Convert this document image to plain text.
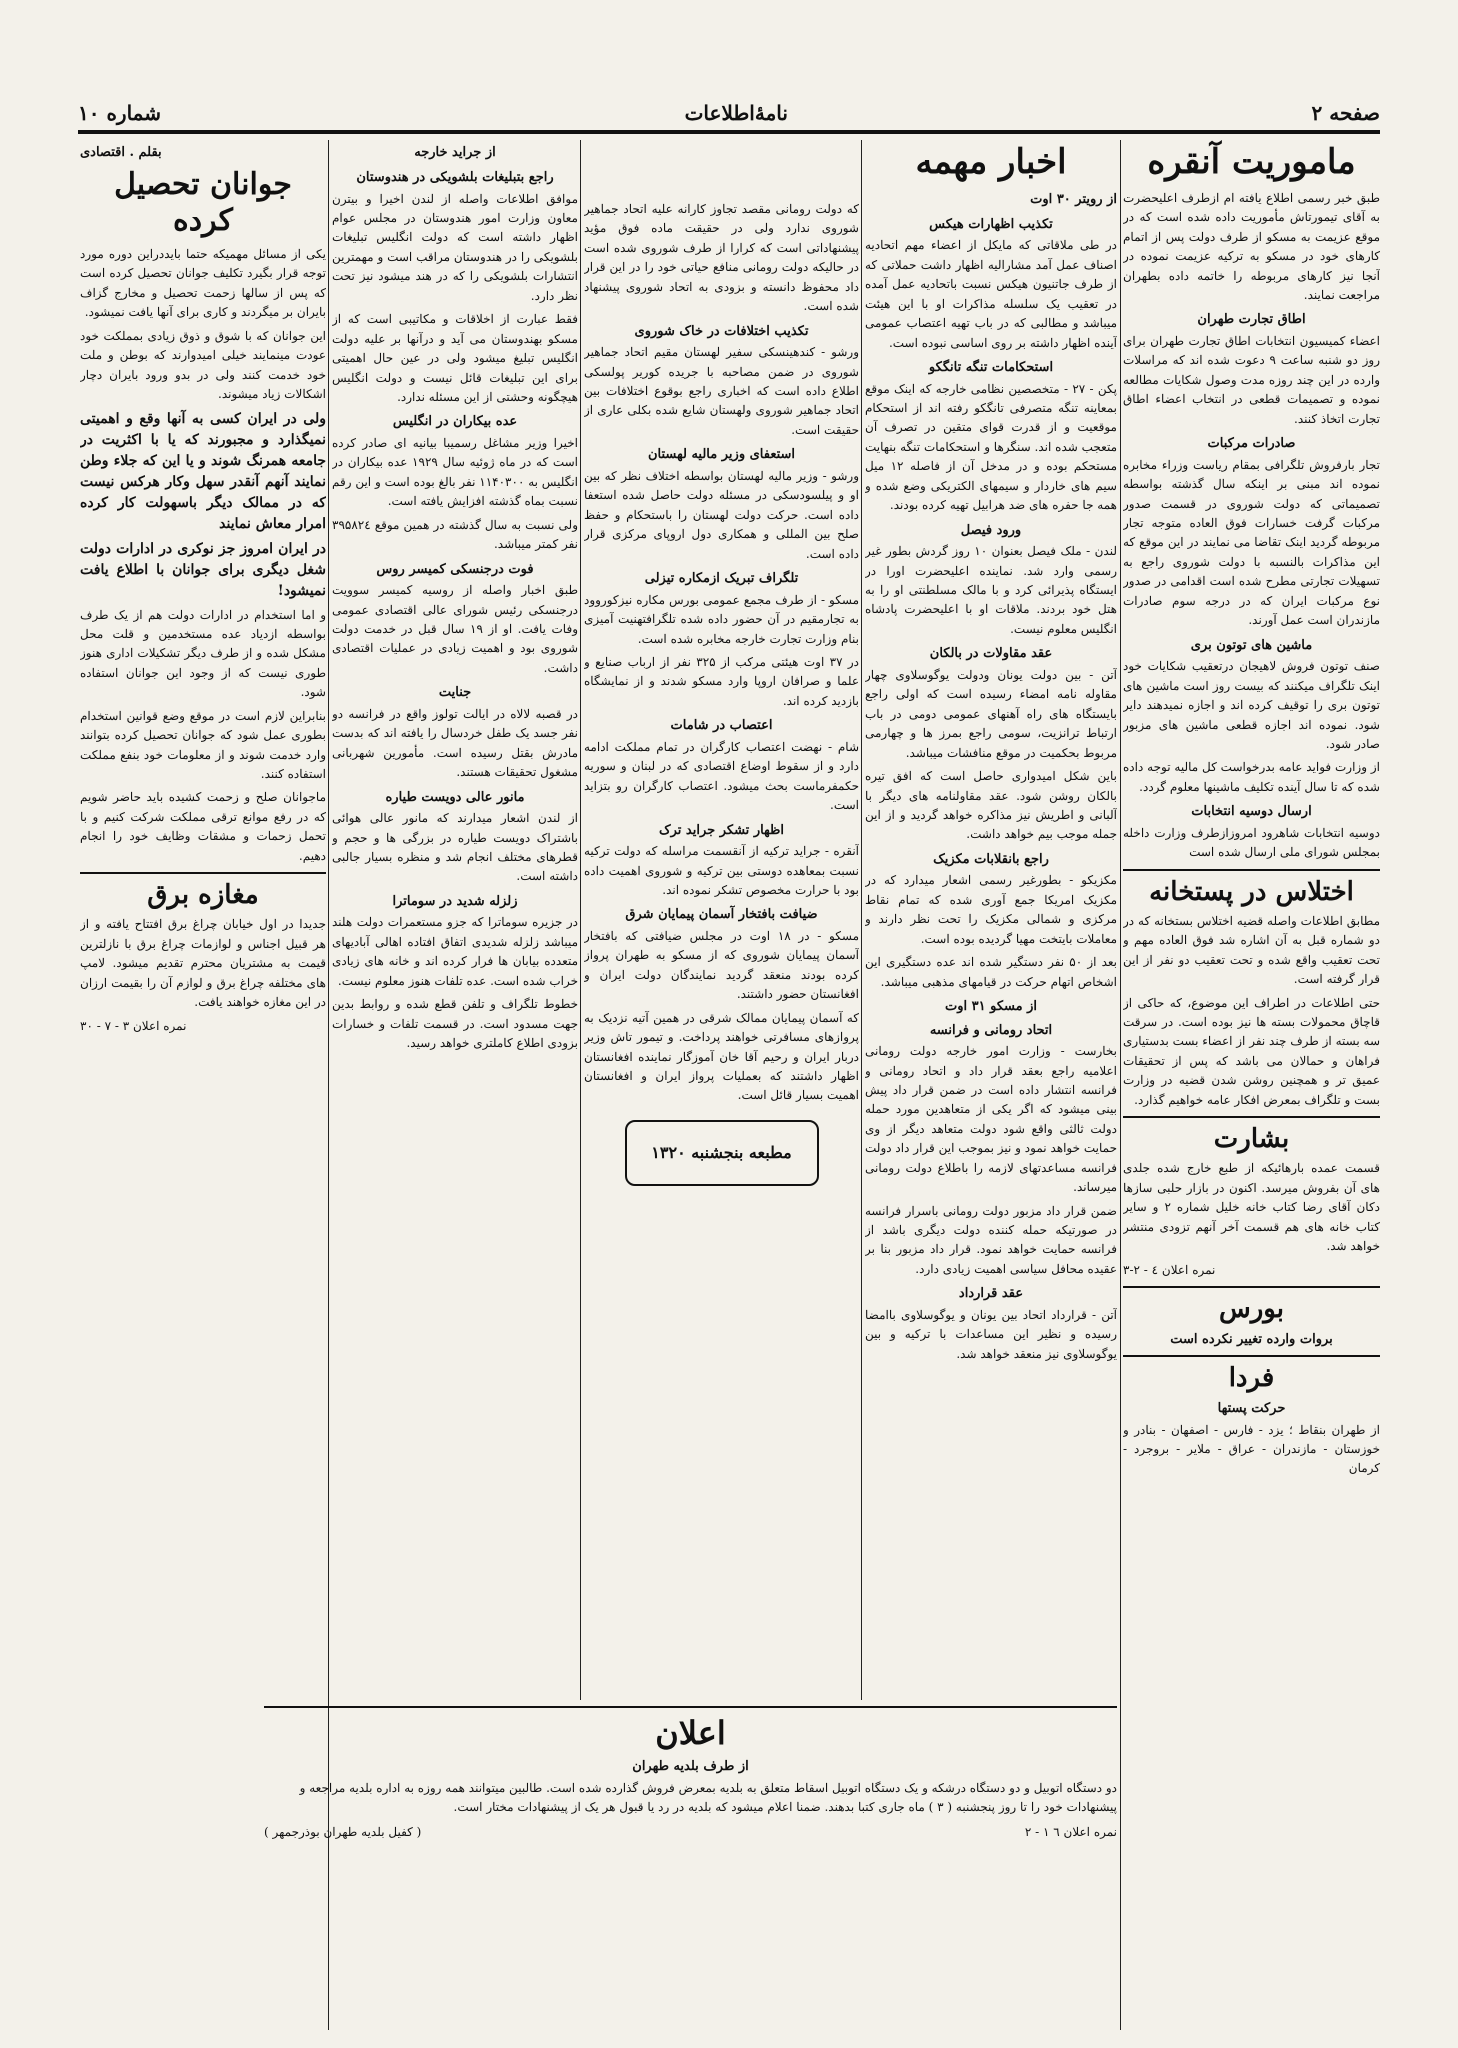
صفحه ۲
نامۀاطلاعات
شماره ۱۰
ماموریت آنقره

طبق خبر رسمی اطلاع یافته ام ازطرف اعلیحضرت به آقای تیمورتاش مأموریت داده شده است که در موقع عزیمت به مسکو از طرف دولت پس از اتمام کارهای خود در مسکو به ترکیه عزیمت نموده در آنجا نیز کارهای مربوطه را خاتمه داده بطهران مراجعت نمایند.

اطاق تجارت طهران

اعضاء کمیسیون انتخابات اطاق تجارت طهران برای روز دو شنبه ساعت ۹ دعوت شده اند که مراسلات وارده در این چند روزه مدت وصول شکایات مطالعه نموده و تصمیمات قطعی در انتخاب اعضاء اطاق تجارت اتخاذ کنند.

صادرات مرکبات

تجار بارفروش تلگرافی بمقام ریاست وزراء مخابره نموده اند مبنی بر اینکه سال گذشته بواسطه تصمیماتی که دولت شوروی در قسمت صدور مرکبات گرفت خسارات فوق العاده متوجه تجار مربوطه گردید اینک تقاضا می نمایند در این موقع که این مذاکرات بالنسبه با دولت شوروی راجع به تسهیلات تجارتی مطرح شده است اقدامی در صدور نوع مرکبات ایران که در درجه سوم صادرات مازندران است عمل آورند.

ماشین های توتون بری

صنف توتون فروش لاهیجان درتعقیب شکایات خود اینک تلگراف میکنند که بیست روز است ماشین های توتون بری را توقیف کرده اند و اجازه نمیدهند دایر شود. نموده اند اجازه قطعی ماشین های مزبور صادر شود.

از وزارت فواید عامه بدرخواست کل مالیه توجه داده شده که تا سال آینده تکلیف ماشینها معلوم گردد.

ارسال دوسیه انتخابات

دوسیه انتخابات شاهرود امروزازطرف وزارت داخله بمجلس شورای ملی ارسال شده است

اختلاس در پستخانه

مطابق اطلاعات واصله قضیه اختلاس بستخانه که در دو شماره قبل به آن اشاره شد فوق العاده مهم و تحت تعقیب واقع شده و تحت تعقیب دو نفر از این قرار گرفته است.

حتی اطلاعات در اطراف این موضوع، که حاکی از قاچاق محمولات بسته ها نیز بوده است. در سرقت سه بسته از طرف چند نفر از اعضاء بست بدستیاری فراهان و حمالان می باشد که پس از تحقیقات عمیق تر و همچنین روشن شدن قضیه در وزارت بست و تلگراف بمعرض افکار عامه خواهیم گذارد.

بشارت

قسمت عمده بارهائیکه از طبع خارج شده جلدی های آن بفروش میرسد. اکنون در بازار حلبی سازها دکان آقای رضا کتاب خانه خلیل شماره ۲ و سایر کتاب خانه های هم قسمت آخر آنهم تزودی منتشر خواهد شد.

نمره اعلان ٤ - ٢-٣

بورس
بروات وارده تغییر نکرده است
فردا
حرکت پستها

از طهران بنقاط ؛ یزد - فارس - اصفهان - بنادر و خوزستان - مازندران - عراق - ملایر - بروجرد - کرمان

اخبار مهمه
از رویتر ۳۰ اوت
تکذیب اظهارات هیکس

در طی ملاقاتی که مایکل از اعضاء مهم اتحادیه اصناف عمل آمد مشارالیه اظهار داشت حملاتی که از طرف جاتنیون هیکس نسبت باتحادیه عمل آمده در تعقیب یک سلسله مذاکرات او با این هیئت میباشد و مطالبی که در باب تهیه اعتصاب عمومی آینده اظهار داشته بر روی اساسی نبوده است.

استحکامات تنگه تانگکو

پکن - ۲۷ - متخصصین نظامی خارجه که اینک موقع بمعاینه تنگه متصرفی تانگکو رفته اند از استحکام موقعیت و از قدرت قوای متقین در تصرف آن متعجب شده اند. سنگرها و استحکامات تنگه بنهایت مستحکم بوده و در مدخل آن از فاصله ۱۲ میل سیم های خاردار و سیمهای الکتریکی وضع شده و همه جا حفره های ضد هرابیل تهیه کرده بودند.

ورود فیصل

لندن - ملک فیصل بعنوان ۱۰ روز گردش بطور غیر رسمی وارد شد. نماینده اعلیحضرت اورا در ایستگاه پذیرائی کرد و با مالک مسلطنتی او را به هتل خود بردند. ملاقات او با اعلیحضرت پادشاه انگلیس معلوم نیست.

عقد مقاولات در بالکان

آتن - بین دولت یونان ودولت یوگوسلاوی چهار مقاوله نامه امضاء رسیده است که اولی راجع بایستگاه های راه آهنهای عمومی دومی در باب ارتباط ترانزیت، سومی راجع بمرز ها و چهارمی مربوط بحکمیت در موقع منافشات میباشد.

باین شکل امیدواری حاصل است که افق تیره بالکان روشن شود. عقد مقاولنامه های دیگر با آلبانی و اطریش نیز مذاکره خواهد گردید و از این جمله موجب بیم خواهد داشت.

راجع بانقلابات مکزیک

مکزیکو - بطورغیر رسمی اشعار میدارد که در مکزیک امریکا جمع آوری شده که تمام نقاط مرکزی و شمالی مکزیک را تحت نظر دارند و معاملات بایتخت مهیا گردیده بوده است.

بعد از ۵۰ نفر دستگیر شده اند عده دستگیری این اشخاص اتهام حرکت در قیامهای مذهبی میباشد.

از مسکو ۳۱ اوت
اتحاد رومانی و فرانسه

بخارست - وزارت امور خارجه دولت رومانی اعلامیه راجع بعقد قرار داد و اتحاد رومانی و فرانسه انتشار داده است در ضمن قرار داد پیش بینی میشود که اگر یکی از متعاهدین مورد حمله دولت ثالثی واقع شود دولت متعاهد دیگر از وی حمایت خواهد نمود و نیز بموجب این قرار داد دولت فرانسه مساعدتهای لازمه را باطلاع دولت رومانی میرساند.

ضمن قرار داد مزبور دولت رومانی باسرار فرانسه در صورتیکه حمله کننده دولت دیگری باشد از فرانسه حمایت خواهد نمود. قرار داد مزبور بنا بر عقیده محافل سیاسی اهمیت زیادی دارد.

عقد قرارداد

آتن - قرارداد اتحاد بین یونان و یوگوسلاوی باامضا رسیده و نظیر این مساعدات با ترکیه و بین یوگوسلاوی نیز منعقد خواهد شد.

که دولت رومانی مقصد تجاوز کارانه علیه اتحاد جماهیر شوروی ندارد ولی در حقیقت ماده فوق مؤید پیشنهاداتی است که کرارا از طرف شوروی شده است در حالیکه دولت رومانی منافع حیاتی خود را در این قرار داد محفوظ دانسته و بزودی به اتحاد شوروی پیشنهاد شده است.

تکذیب اختلافات در خاک شوروی

ورشو - کندهینسکی سفیر لهستان مقیم اتحاد جماهیر شوروی در ضمن مصاحبه با جریده کوریر پولسکی اطلاع داده است که اخباری راجع بوقوع اختلافات بین اتحاد جماهیر شوروی ولهستان شایع شده بکلی عاری از حقیقت است.

استعفای وزیر مالیه لهستان

ورشو - وزیر مالیه لهستان بواسطه اختلاف نظر که بین او و پیلسودسکی در مسئله دولت حاصل شده استعفا داده است. حرکت دولت لهستان را باستحکام و حفظ صلح بین المللی و همکاری دول اروپای مرکزی قرار داده است.

تلگراف تبریک ازمکاره تیزلی

مسکو - از طرف مجمع عمومی بورس مکاره نیزکوروود به تجارمقیم در آن حضور داده شده تلگرافتهنیت آمیزی بنام وزارت تجارت خارجه مخابره شده است.

در ۳۷ اوت هیئتی مرکب از ۳۲۵ نفر از ارباب صنایع و علما و صرافان اروپا وارد مسکو شدند و از نمایشگاه بازدید کرده اند.

اعتصاب در شامات

شام - نهضت اعتصاب کارگران در تمام مملکت ادامه دارد و از سقوط اوضاع اقتصادی که در لبنان و سوریه حکمفرماست بحث میشود. اعتصاب کارگران رو بتزاید است.

اظهار تشکر جراید ترک

آنقره - جراید ترکیه از آنقسمت مراسله که دولت ترکیه نسبت بمعاهده دوستی بین ترکیه و شوروی اهمیت داده بود با حرارت مخصوص تشکر نموده اند.

ضیافت بافتخار آسمان پیمایان شرق

مسکو - در ۱۸ اوت در مجلس ضیافتی که بافتخار آسمان پیمایان شوروی که از مسکو به طهران پرواز کرده بودند منعقد گردید نمایندگان دولت ایران و افغانستان حضور داشتند.

که آسمان پیمایان ممالک شرقی در همین آتیه نزدیک به پروازهای مسافرتی خواهند پرداخت. و تیمور تاش وزیر دربار ایران و رحیم آقا خان آموزگار نماینده افغانستان اظهار داشتند که بعملیات پرواز ایران و افغانستان اهمیت بسیار قائل است.

مطبعه بنجشنبه ۱۳۲۰
از جراید خارجه
راجع بتبلیغات بلشویکی در هندوستان

موافق اطلاعات واصله از لندن اخیرا و بیترن معاون وزارت امور هندوستان در مجلس عوام اظهار داشته است که دولت انگلیس تبلیغات بلشویکی را در هندوستان مراقب است و مهمترین انتشارات بلشویکی را که در هند میشود نیز تحت نظر دارد.

فقط عبارت از اخلاقات و مکاتیبی است که از مسکو بهندوستان می آید و درآنها بر علیه دولت انگلیس تبلیغ میشود ولی در عین حال اهمیتی برای این تبلیغات قائل نیست و دولت انگلیس هیچگونه وحشتی از این مسئله ندارد.

عده بیکاران در انگلیس

اخیرا وزیر مشاغل رسمیبا بیانیه ای صادر کرده است که در ماه ژوئیه سال ۱۹۲۹ عده بیکاران در انگلیس به ۱۱۴۰۳۰۰ نفر بالغ بوده است و این رقم نسبت بماه گذشته افزایش یافته است.

ولی نسبت به سال گذشته در همین موقع ۳۹۵۸۲٤ نفر کمتر میباشد.

فوت درجنسکی کمیسر روس

طبق اخبار واصله از روسیه کمیسر سوویت درجنسکی رئیس شورای عالی اقتصادی عمومی وفات یافت. او از ۱۹ سال قبل در خدمت دولت شوروی بود و اهمیت زیادی در عملیات اقتصادی داشت.

جنایت

در قصبه لالاه در ایالت تولوز واقع در فرانسه دو نفر جسد یک طفل خردسال را یافته اند که بدست مادرش بقتل رسیده است. مأمورین شهربانی مشغول تحقیقات هستند.

مانور عالی دویست طیاره

از لندن اشعار میدارند که مانور عالی هوائی باشتراک دویست طیاره در بزرگی ها و حجم و قطرهای مختلف انجام شد و منظره بسیار جالبی داشته است.

زلزله شدید در سوماترا

در جزیره سوماترا که جزو مستعمرات دولت هلند میباشد زلزله شدیدی اتفاق افتاده اهالی آبادیهای متعدده بیابان ها فرار کرده اند و خانه های زیادی خراب شده است. عده تلفات هنوز معلوم نیست.

خطوط تلگراف و تلفن قطع شده و روابط بدین جهت مسدود است. در قسمت تلفات و خسارات بزودی اطلاع کاملتری خواهد رسید.

بقلم . اقتصادی
جوانان تحصیل کرده

یکی از مسائل مهمیکه حتما بایددراین دوره مورد توجه قرار بگیرد تکلیف جوانان تحصیل کرده است که پس از سالها زحمت تحصیل و مخارج گزاف بایران بر میگردند و کاری برای آنها یافت نمیشود.

این جوانان که با شوق و ذوق زیادی بمملکت خود عودت مینمایند خیلی امیدوارند که بوطن و ملت خود خدمت کنند ولی در بدو ورود بایران دچار اشکالات زیاد میشوند.

ولی در ایران کسی به آنها وقع و اهمیتی نمیگذارد و مجبورند که یا با اکثریت در جامعه همرنگ شوند و یا این که جلاء وطن نمایند آنهم آنقدر سهل وکار هرکس نیست که در ممالک دیگر باسهولت کار کرده امرار معاش نمایند
در ایران امروز جز نوکری در ادارات دولت شغل دیگری برای جوانان با اطلاع یافت نمیشود!

و اما استخدام در ادارات دولت هم از یک طرف بواسطه ازدیاد عده مستخدمین و قلت محل مشکل شده و از طرف دیگر تشکیلات اداری هنوز طوری نیست که از وجود این جوانان استفاده شود.

بنابراین لازم است در موقع وضع قوانین استخدام بطوری عمل شود که جوانان تحصیل کرده بتوانند وارد خدمت شوند و از معلومات خود بنفع مملکت استفاده کنند.

ماجوانان صلح و زحمت کشیده باید حاضر شویم که در رفع موانع ترقی مملکت شرکت کنیم و با تحمل زحمات و مشقات وظایف خود را انجام دهیم.

مغازه برق

جدیدا در اول خیابان چراغ برق افتتاح یافته و از هر قبیل اجناس و لوازمات چراغ برق با نازلترین قیمت به مشتریان محترم تقدیم میشود. لامپ های مختلفه چراغ برق و لوازم آن را بقیمت ارزان در این مغازه خواهند یافت.

نمره اعلان ۳ - ۷ - ۳۰

اعلان
از طرف بلدیه طهران

دو دستگاه اتوبیل و دو دستگاه درشکه و یک دستگاه اتوبیل اسقاط متعلق به بلدیه بمعرض فروش گذارده شده است. طالبین میتوانند همه روزه به اداره بلدیه مراجعه و پیشنهادات خود را تا روز پنجشنبه ( ۳ ) ماه جاری کتبا بدهند. ضمنا اعلام میشود که بلدیه در رد یا قبول هر یک از پیشنهادات مختار است.

نمره اعلان ٦ ۱ - ۲
( کفیل بلدیه طهران بوذرجمهر )
